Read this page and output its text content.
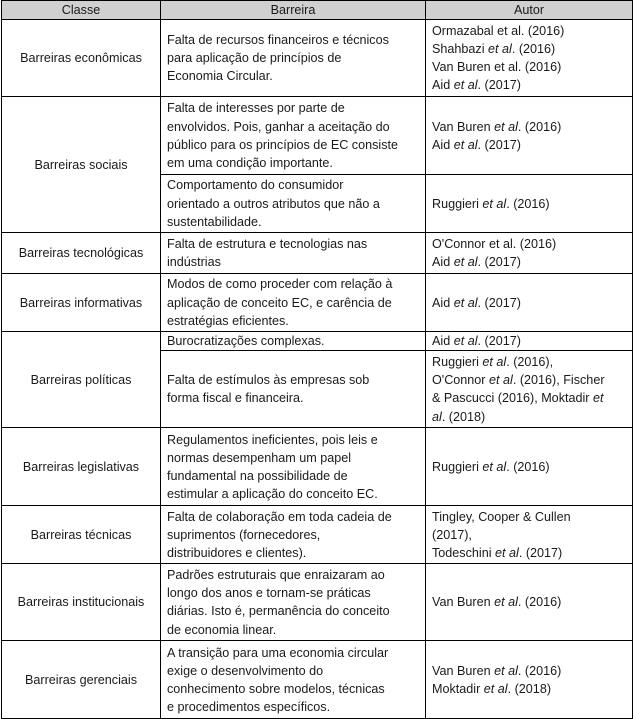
Classe	Barreira	Autor
Barreiras econômicas	Falta de recursos financeiros e técnicos
para aplicação de princípios de
Economia Circular.	Ormazabal et al. (2016)
Shahbazi et al. (2016)
Van Buren et al. (2016)
Aid et al. (2017)

Barreiras sociais	Falta de interesses por parte de
envolvidos. Pois, ganhar a aceitação do
público para os princípios de EC consiste
em uma condição importante.	Van Buren et al. (2016)
Aid et al. (2017)

	Comportamento do consumidor
orientado a outros atributos que não a
sustentabilidade.	Ruggieri et al. (2016)

Barreiras tecnológicas	Falta de estrutura e tecnologias nas
indústrias	O'Connor et al. (2016)
Aid et al. (2017)

Barreiras informativas	Modos de como proceder com relação à
aplicação de conceito EC, e carência de
estratégias eficientes.	Aid et al. (2017)

Barreiras políticas	Burocratizações complexas.	Aid et al. (2017)

	Falta de estímulos às empresas sob
forma fiscal e financeira.	Ruggieri et al. (2016),
O'Connor et al. (2016), Fischer
& Pascucci (2016), Moktadir et
al. (2018)

Barreiras legislativas	Regulamentos ineficientes, pois leis e
normas desempenham um papel
fundamental na possibilidade de
estimular a aplicação do conceito EC.	Ruggieri et al. (2016)

Barreiras técnicas	Falta de colaboração em toda cadeia de
suprimentos (fornecedores,
distribuidores e clientes).	Tingley, Cooper & Cullen
(2017),
Todeschini et al. (2017)

Barreiras institucionais	Padrões estruturais que enraizaram ao
longo dos anos e tornam-se práticas
diárias. Isto é, permanência do conceito
de economia linear.	Van Buren et al. (2016)

Barreiras gerenciais	A transição para uma economia circular
exige o desenvolvimento do
conhecimento sobre modelos, técnicas
e procedimentos específicos.	Van Buren et al. (2016)
Moktadir et al. (2018)
